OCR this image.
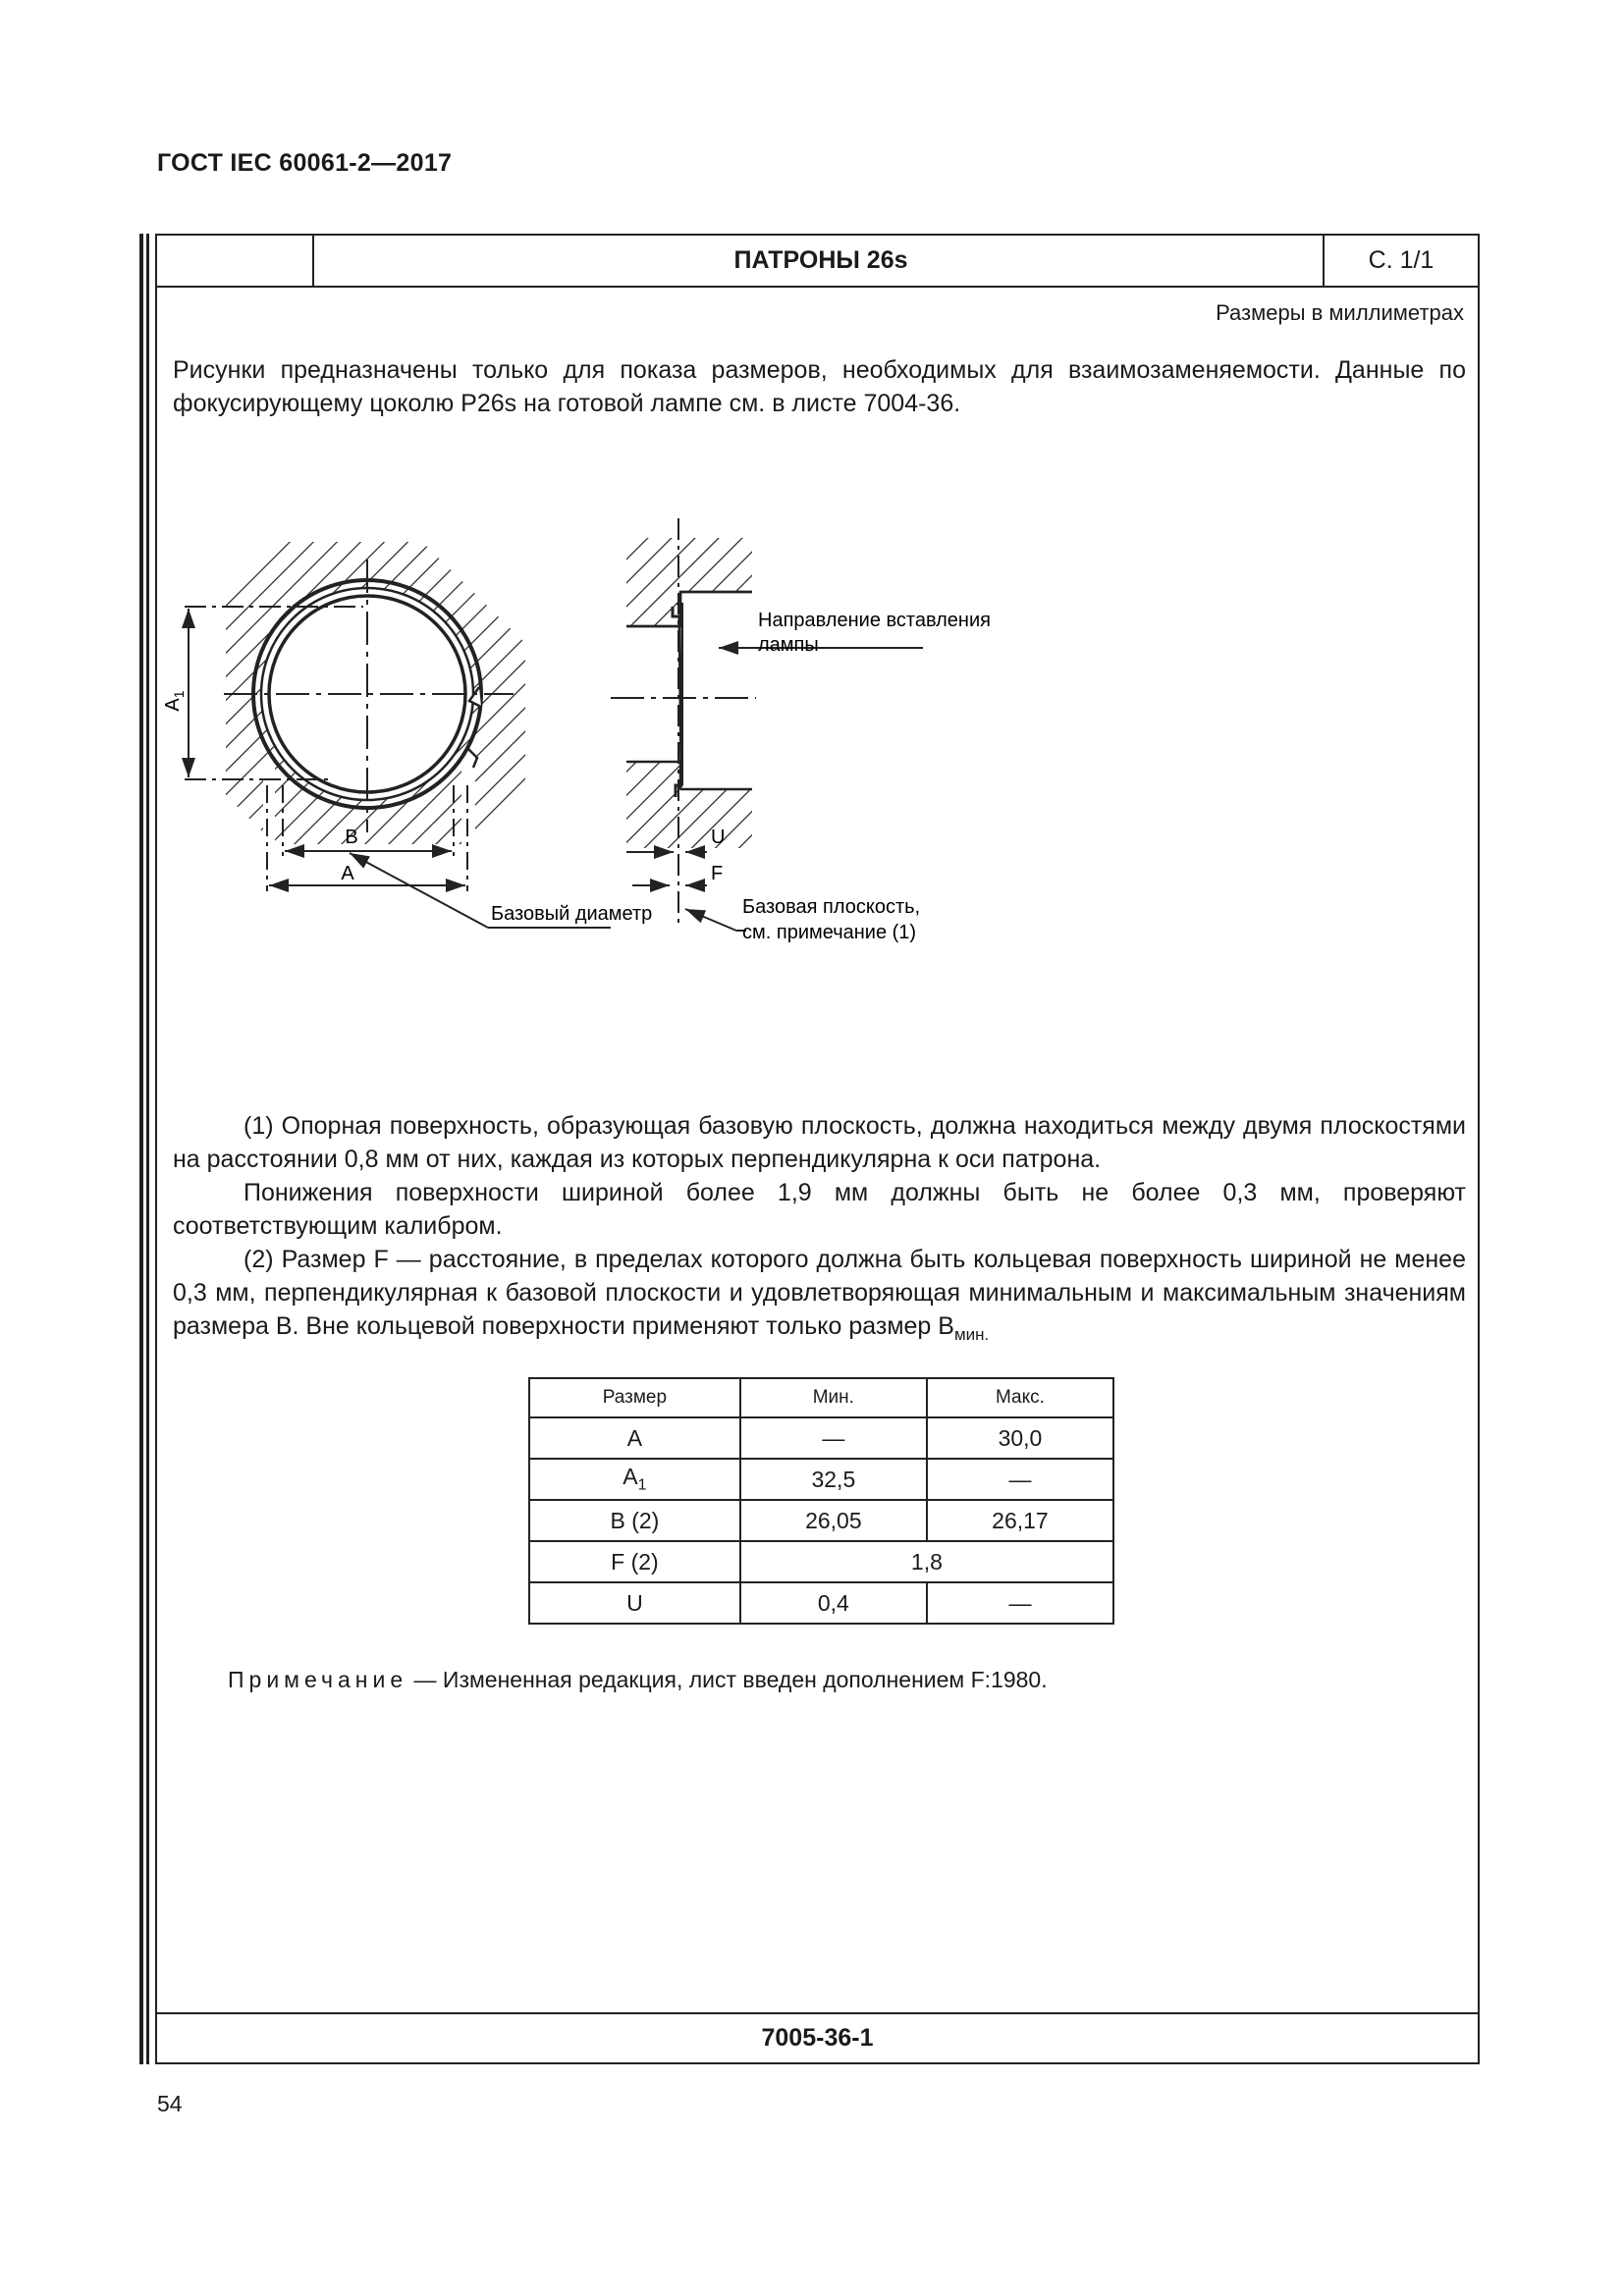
ГОСТ IEC 60061-2—2017
ПАТРОНЫ 26s	С. 1/1
Размеры в миллиметрах

Рисунки предназначены только для показа размеров, необходимых для взаимозаменяемости. Данные по фокусирующему цоколю P26s на готовой лампе см. в листе 7004-36.

$A_1$
B
A
Базовый диаметр
Направление вставления
лампы
U
F
Базовая плоскость,
см. примечание (1)

(1) Опорная поверхность, образующая базовую плоскость, должна находиться между двумя плоскостями на расстоянии 0,8 мм от них, каждая из которых перпендикулярна к оси патрона.

Понижения поверхности шириной более 1,9 мм должны быть не более 0,3 мм, проверяют соответствующим калибром.

(2) Размер F — расстояние, в пределах которого должна быть кольцевая поверхность шириной не менее 0,3 мм, перпендикулярная к базовой плоскости и удовлетворяющая минимальным и максимальным значениям размера B. Вне кольцевой поверхности применяют только размер $B_{мин.}$

Размер	Мин.	Макс.
A	—	30,0
$A_1$	32,5	—
B (2)	26,05	26,17
F (2)	1,8	
U	0,4	—
Примечание — Измененная редакция, лист введен дополнением F:1980.
7005-36-1
54
